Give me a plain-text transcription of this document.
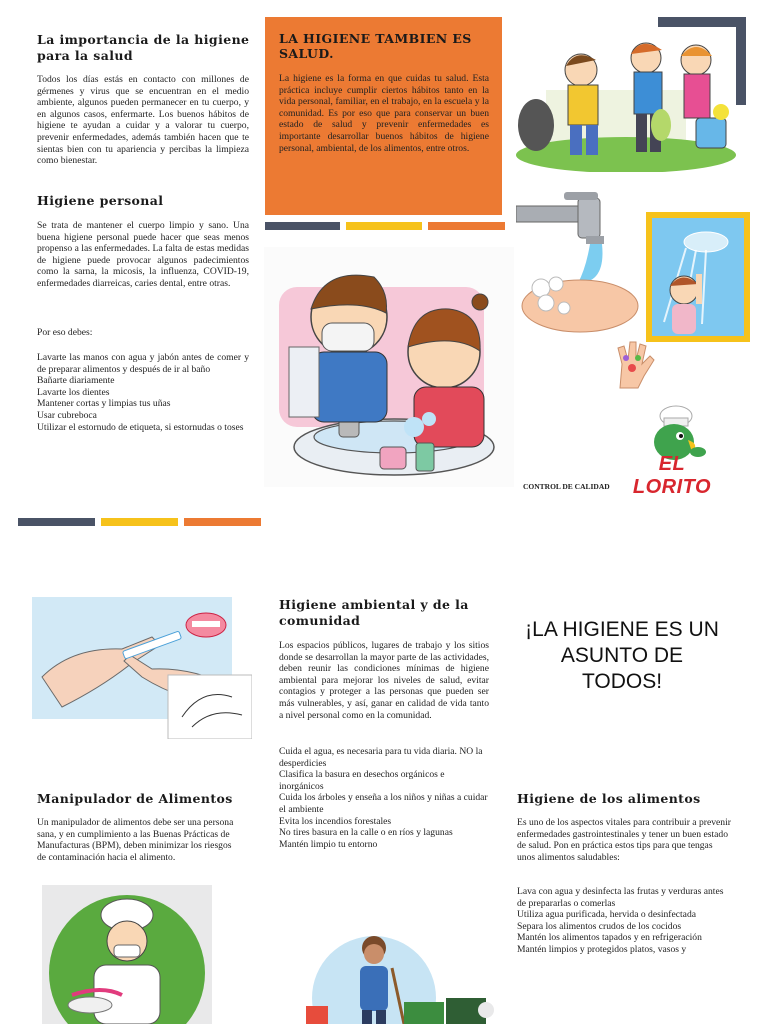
La importancia de la higiene para la salud
Todos los días estás en contacto con millones de gérmenes y virus que se encuentran en el medio ambiente, algunos pueden permanecer en tu cuerpo, y en algunos casos, enfermarte. Los buenos hábitos de higiene te ayudan a cuidar y a valorar tu cuerpo, prevenir enfermedades, además también hacen que te sientas bien con tu apariencia y percibas la limpieza como bienestar.
Higiene personal
Se trata de mantener el cuerpo limpio y sano. Una buena higiene personal puede hacer que seas menos propenso a las enfermedades. La falta de estas medidas de higiene puede provocar algunos padecimientos como la sarna, la micosis, la influenza, COVID-19, enfermedades diarreicas, caries dental, entre otras.
Por eso debes:
Lavarte las manos con agua y jabón antes de comer y de preparar alimentos y después de ir al baño
Bañarte diariamente
Lavarte los dientes
Mantener cortas y limpias tus uñas
Usar cubreboca
Utilizar el estornudo de etiqueta, si estornudas o toses
LA HIGIENE TAMBIEN ES SALUD.
La higiene es la forma en que cuidas tu salud. Esta práctica incluye cumplir ciertos hábitos tanto en la vida personal, familiar, en el trabajo, en la escuela y la comunidad. Es por eso que para conservar un buen estado de salud y prevenir enfermedades es importante desarrollar buenos hábitos de higiene personal, ambiental, de los alimentos, entre otros.
EL LORITO
CONTROL DE CALIDAD
Manipulador de Alimentos
Un manipulador de alimentos debe ser una persona sana, y en cumplimiento a las Buenas Prácticas de Manufacturas (BPM), deben minimizar los riesgos de contaminación hacia el alimento.
Higiene ambiental y de la comunidad
Los espacios públicos, lugares de trabajo y los sitios donde se desarrollan la mayor parte de las actividades, deben reunir las condiciones mínimas de higiene ambiental para mejorar los niveles de salud, evitar contagios y proteger a las personas que pueden ser más vulnerables, y así, ganar en calidad de vida tanto a nivel personal como en la comunidad.
Cuida el agua, es necesaria para tu vida diaria. NO la desperdicies
Clasifica la basura en desechos orgánicos e inorgánicos
Cuida los árboles y enseña a los niños y niñas a cuidar el ambiente
Evita los incendios forestales
No tires basura en la calle o en ríos y lagunas
Mantén limpio tu entorno
¡LA HIGIENE ES UN ASUNTO DE TODOS!
Higiene de los alimentos
Es uno de los aspectos vitales para contribuir a prevenir enfermedades gastrointestinales y tener un buen estado de salud. Pon en práctica estos tips para que tengas unos alimentos saludables:
Lava con agua y desinfecta las frutas y verduras antes de prepararlas o comerlas
Utiliza agua purificada, hervida o desinfectada
Separa los alimentos crudos de los cocidos
Mantén los alimentos tapados y en refrigeración
Mantén limpios y protegidos platos, vasos y
